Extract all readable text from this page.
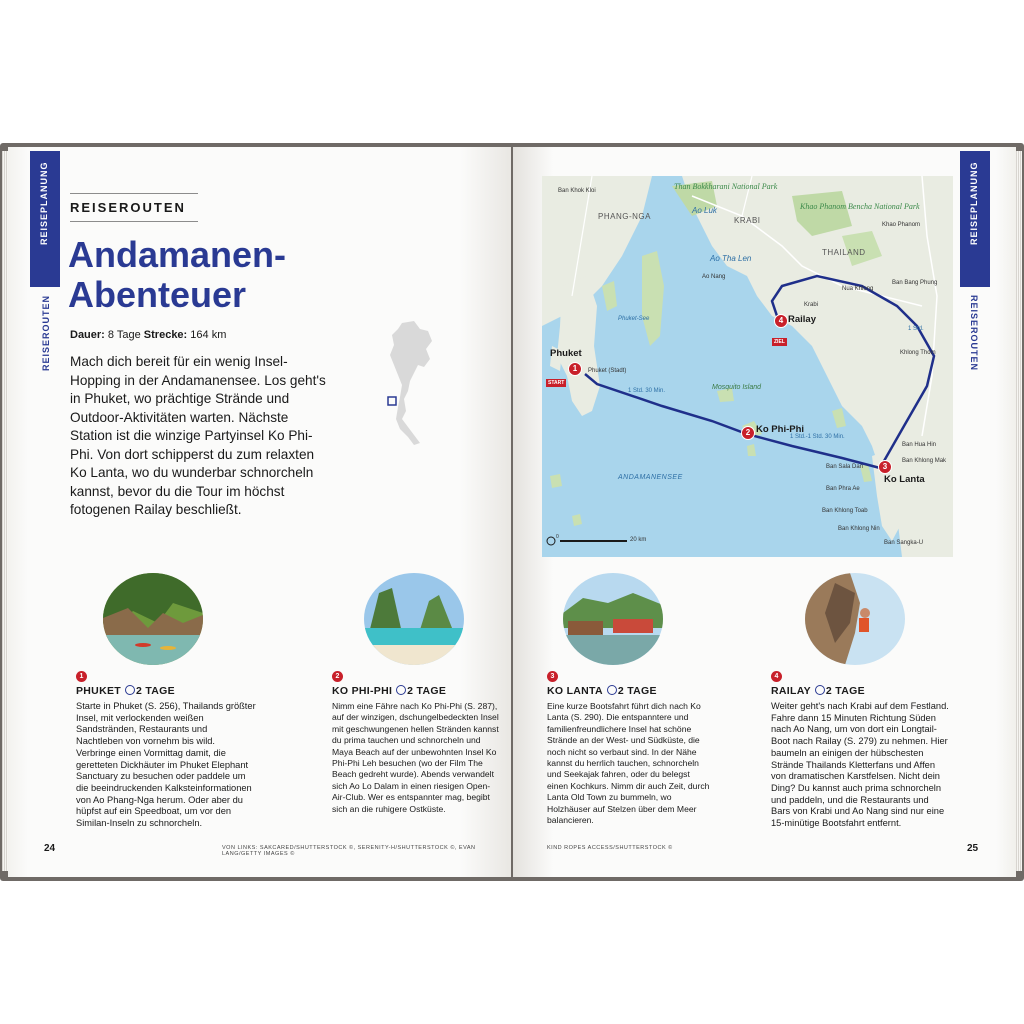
REISEPLANUNG
REISEROUTEN
REISEROUTEN
Andamanen-Abenteuer
Dauer: 8 Tage Strecke: 164 km
Mach dich bereit für ein wenig Insel-Hopping in der Andamanensee. Los geht's in Phuket, wo prächtige Strände und Outdoor-Aktivitäten warten. Nächste Station ist die winzige Partyinsel Ko Phi-Phi. Von dort schipperst du zum relaxten Ko Lanta, wo du wunderbar schnorcheln kannst, bevor du die Tour im höchst fotogenen Railay beschließt.
1
PHUKET 2 TAGE
Starte in Phuket (S. 256), Thailands größter Insel, mit verlockenden weißen Sandstränden, Restaurants und Nachtleben von vornehm bis wild. Verbringe einen Vormittag damit, die geretteten Dickhäuter im Phuket Elephant Sanctuary zu besuchen oder paddele um die beeindruckenden Kalksteinformationen von Ao Phang-Nga herum. Oder aber du hüpfst auf ein Speedboat, um vor den Similan-Inseln zu schnorcheln.
2
KO PHI-PHI 2 TAGE
Nimm eine Fähre nach Ko Phi-Phi (S. 287), auf der winzigen, dschungelbedeckten Insel mit geschwungenen hellen Stränden kannst du prima tauchen und schnorcheln und Maya Beach auf der unbewohnten Insel Ko Phi-Phi Leh besuchen (wo der Film The Beach gedreht wurde). Abends verwandelt sich Ao Lo Dalam in einen riesigen Open-Air-Club. Wer es entspannter mag, begibt sich an die ruhigere Ostküste.
24	VON LINKS: SAKCARED/SHUTTERSTOCK ©, SERENITY-H/SHUTTERSTOCK ©, EVAN LANG/GETTY IMAGES ©
REISEPLANUNG
REISEROUTEN
Than Bokkharani National Park
Ao Luk	Khao Phanom Bencha National Park
PHANG-NGA	KRABI
THAILAND
Ao Tha Len
Phuket-See
ANDAMANENSEE
Ban Khok Kloi
Nua Khlong
Ban Bang Phung
Khao Phanom
Khlong Thom
Ban Hua Hin
Ban Khlong Mak
Ban Sala Dan
Ban Phra Ae
Ban Khlong Toab
Ban Khlong Nin
Ban Sangka-U
Phuket (Stadt)
Ao Nang
Krabi
Mosquito Island
1 Std. 30 Min.
1 Std.-1 Std. 30 Min.
1 Std.
1
2
3
4
Phuket
Ko Phi-Phi
Ko Lanta
Railay
START
ZIEL
0	20 km
3
KO LANTA 2 TAGE
Eine kurze Bootsfahrt führt dich nach Ko Lanta (S. 290). Die entspanntere und familienfreundlichere Insel hat schöne Strände an der West- und Südküste, die noch nicht so verbaut sind. In der Nähe kannst du herrlich tauchen, schnorcheln und Seekajak fahren, oder du belegst einen Kochkurs. Nimm dir auch Zeit, durch Lanta Old Town zu bummeln, wo Holzhäuser auf Stelzen über dem Meer balancieren.
4
RAILAY 2 TAGE
Weiter geht's nach Krabi auf dem Festland. Fahre dann 15 Minuten Richtung Süden nach Ao Nang, um von dort ein Longtail-Boot nach Railay (S. 279) zu nehmen. Hier baumeln an einigen der hübschesten Strände Thailands Kletterfans und Affen von dramatischen Karstfelsen. Nicht dein Ding? Du kannst auch prima schnorcheln und paddeln, und die Restaurants und Bars von Krabi und Ao Nang sind nur eine 15-minütige Bootsfahrt entfernt.
25
KIND ROPES ACCESS/SHUTTERSTOCK ©
